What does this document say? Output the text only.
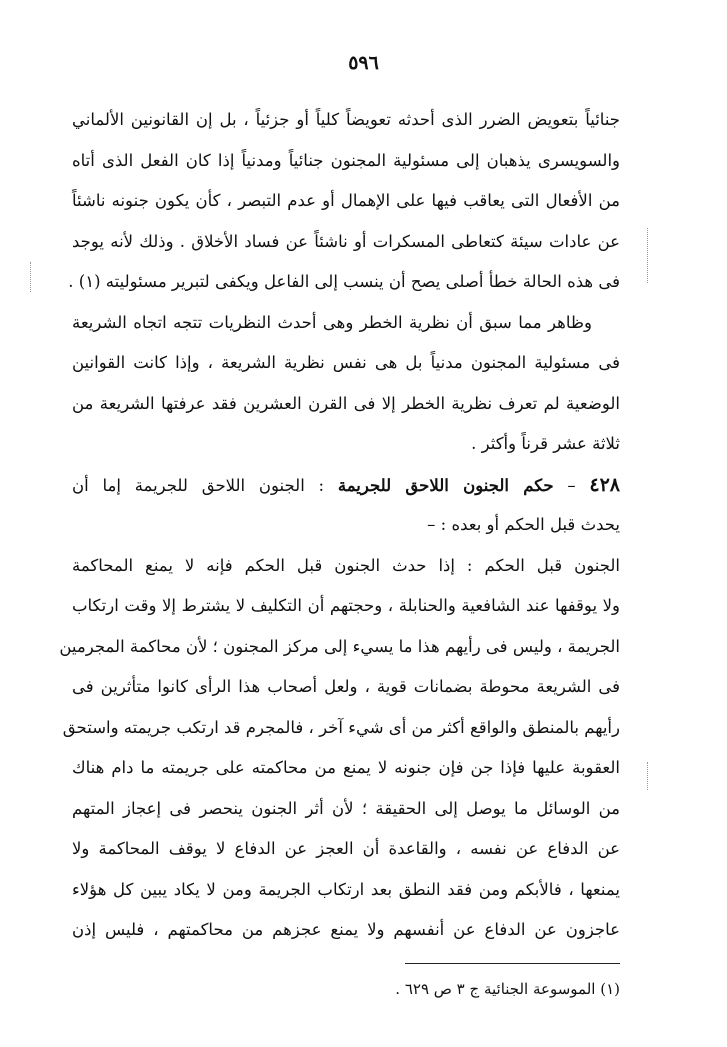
٥٩٦
جنائياً بتعويض الضرر الذى أحدثه تعويضاً كلياً أو جزئياً ، بل إن القانونين الألماني
والسويسرى يذهبان إلى مسئولية المجنون جنائياً ومدنياً إذا كان الفعل الذى أتاه
من الأفعال التى يعاقب فيها على الإهمال أو عدم التبصر ، كأن يكون جنونه ناشئاً
عن عادات سيئة كتعاطى المسكرات أو ناشئاً عن فساد الأخلاق . وذلك لأنه يوجد
فى هذه الحالة خطأ أصلى يصح أن ينسب إلى الفاعل ويكفى لتبرير مسئوليته (١) .
وظاهر مما سبق أن نظرية الخطر وهى أحدث النظريات تتجه اتجاه الشريعة
فى مسئولية المجنون مدنياً بل هى نفس نظرية الشريعة ، وإذا كانت القوانين
الوضعية لم تعرف نظرية الخطر إلا فى القرن العشرين فقد عرفتها الشريعة من
ثلاثة عشر قرناً وأكثر .
٤٢٨ – حكم الجنون اللاحق للجريمة : الجنون اللاحق للجريمة إما أن
يحدث قبل الحكم أو بعده : –
الجنون قبل الحكم : إذا حدث الجنون قبل الحكم فإنه لا يمنع المحاكمة
ولا يوقفها عند الشافعية والحنابلة ، وحجتهم أن التكليف لا يشترط إلا وقت ارتكاب
الجريمة ، وليس فى رأيهم هذا ما يسيء إلى مركز المجنون ؛ لأن محاكمة المجرمين
فى الشريعة محوطة بضمانات قوية ، ولعل أصحاب هذا الرأى كانوا متأثرين فى
رأيهم بالمنطق والواقع أكثر من أى شيء آخر ، فالمجرم قد ارتكب جريمته واستحق
العقوبة عليها فإذا جن فإن جنونه لا يمنع من محاكمته على جريمته ما دام هناك
من الوسائل ما يوصل إلى الحقيقة ؛ لأن أثر الجنون ينحصر فى إعجاز المتهم
عن الدفاع عن نفسه ، والقاعدة أن العجز عن الدفاع لا يوقف المحاكمة ولا
يمنعها ، فالأبكم ومن فقد النطق بعد ارتكاب الجريمة ومن لا يكاد يبين كل هؤلاء
عاجزون عن الدفاع عن أنفسهم ولا يمنع عجزهم من محاكمتهم ، فليس إذن
(١) الموسوعة الجنائية ج ٣ ص ٦٢٩ .
